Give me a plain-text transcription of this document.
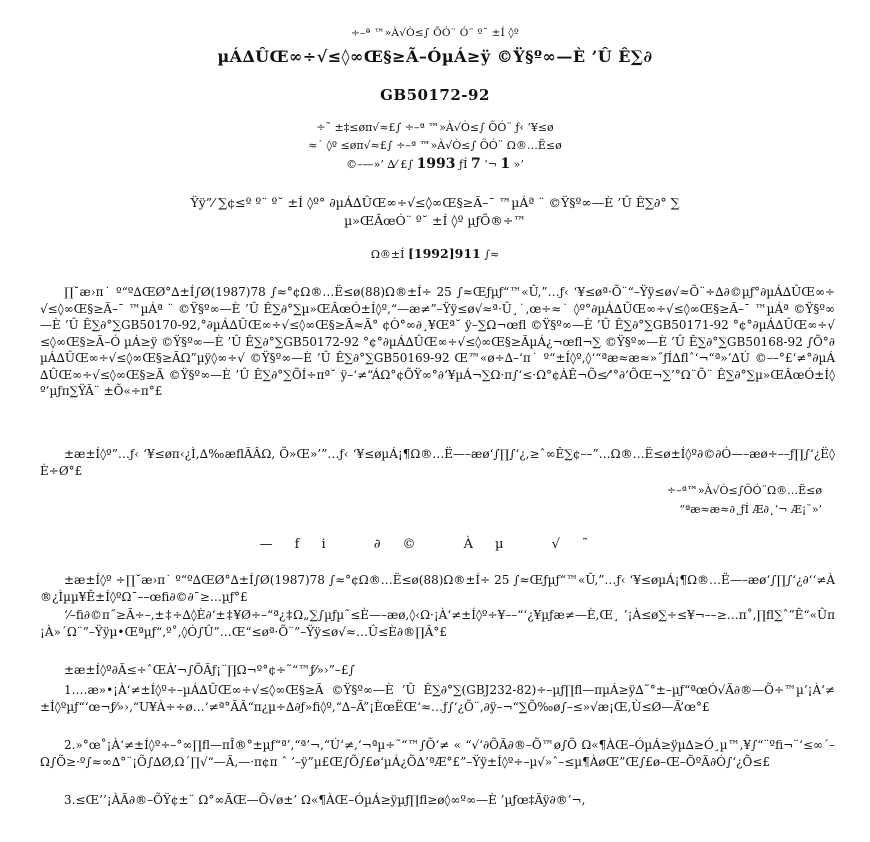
÷–ª ™»À√Ò≤∫ ÕÓ¨ Ó¨ º˘ ±Í ◊º
µÁ∆ÛŒ∞÷√≤◊∞Œ§≥Ã–ÓµÁ≥ÿ ©Ÿ§º∞—È ’Û Ê∑∂
GB50172-92
÷˜ ±‡≤øπ√≈£∫ ÷–ª ™»À√Ò≤∫ ÕÓ¨ ƒ‹ ‘¥≤ø
≈˙ ◊º ≤øπ√≈£∫ ÷–ª ™»À√Ò≤∫ ÕÓ¨ Ω®…Ë≤ø
©–—»’ ∆⁄ £∫ 1993 ƒÍ 7 ‘¬ 1 »’
Ÿÿ”⁄ ∑¢≤º º¨ º˘ ±Í ◊º° ∂µÁ∆ÛŒ∞÷√≤◊∞Œ§≥Ã–¯ ™µÁª ¨ ©Ÿ§º∞—È ’Û Ê∑∂° ∑
µ»ŒÂœÓ¨ º˘ ±Í ◊º µƒÕ®÷™
Ω®±Í [1992]911 ∫≈
∏˘æ›π˙ º“º∆ŒØ°∆±Í∫Ø(1987)78 ∫≈°¢Ω®…Ë≤ø(88)Ω®±Í÷ 25 ∫≈Œƒµƒ“™«Û,”…ƒ‹ ‘¥≤øª·Õ¨“–Ÿÿ≤ø√≈Õ¨÷∆∂©µƒ°∂µÁ∆ÛŒ∞÷√≤◊∞Œ§≥Ã–¯ ™µÁª ¨ ©Ÿ§º∞—È ’Û Ê∑∂°∑µ»ŒÂœÓ±Í◊º,“—æ≠”–Ÿÿ≤ø√≈ª·Û¸˙,œ÷≈˙ ◊º°∂µÁ∆ÛŒ∞÷√≤◊∞Œ§≥Ã–¯ ™µÁª ©Ÿ§º∞—È ’Û Ê∑∂°∑GB50170-92,°∂µÁ∆ÛŒ∞÷√≤◊∞Œ§≥Ã≈Ã° ¢Ò°∞∂¸¥Œª˘ ÿ–∑Ω¬œfl ©Ÿ§º∞—È ’Û Ê∑∂°∑GB50171-92 °¢°∂µÁ∆ÛŒ∞÷√≤◊∞Œ§≥Ã–Ó µÁ≥ÿ ©Ÿ§º∞—È ’Û Ê∑∂°∑GB50172-92 °¢°∂µÁ∆ÛŒ∞÷√≤◊∞Œ§≥ÃµÁ¿¬œfl¬∑ ©Ÿ§º∞—È ’Û Ê∑∂°∑GB50168-92 ∫Õ°∂µÁ∆ÛŒ∞÷√≤◊∞Œ§≥ÃΩ”µÿ◊∞÷√ ©Ÿ§º∞—È ’Û Ê∑∂°∑GB50169-92 Œ™«ø÷∆–‘π˙ º“±Í◊º,◊‘“ªæ≈æ≈»˝ƒÍ∆flˆ‘¬“ª»’∆Ú ©––°£‘≠°∂µÁ∆ÛŒ∞÷√≤◊∞Œ§≥Ã ©Ÿ§º∞—È ’Û Ê∑∂°∑ÕÍ÷πª˘ ÿ–‘≠“ÁΩ°¢ÕŸ∞°∂‘¥µÁ¬∑Ω·π∫‘≤·Ω°¢ÀÊ¬Õ≤⁄‘°∂‘ÕŒ¬∑’°Ω¨Õ¨ Ê∑∂°∑µ»ŒÂœÓ±Í◊º’µƒπ∑ŸÃ¨ ±Õ«÷π°£
±æ±Í◊º”…ƒ‹ ‘¥≤øπ‹¿Ì,∆‰æflÃÂΩ‚ Õ»Œ»’”…ƒ‹ ‘¥≤øµÁ¡¶Ω®…Ë—–æø‘∫∏∫‘¿,≥ˆ∞Ê∑¢––”…Ω®…Ë≤ø±Í◊º∂©∂Ó—–æø÷––ƒ∏∫‘¿Ë◊È÷Ø°£
÷–ª™»À√Ò≤∫ÕÓ¨Ω®…Ë≤ø
“ªæ≈æ≈∂˛ƒÍ Æ∂˛‘¬ Æ¡˘»’
—fi ∂© Àµ √˜
±æ±Í◊º ÷∏˘æ›π˙ º“º∆ŒØ°∆±Í∫Ø(1987)78 ∫≈°¢Ω®…Ë≤ø(88)Ω®±Í÷ 25 ∫≈Œƒµƒ“™«Û,”…ƒ‹ ‘¥≤øµÁ¡¶Ω®…Ë—–æø‘∫∏∫‘¿∂‘‘≠À®¿Ìµµ¥Ê±Í◊ºΩ¯––œﬁ∂©∂¯≥…µƒ°£
‘⁄–fi∂©π˝≥Ã÷–,±‡÷∆◊È∂‘±‡¥Ø÷–“ª¿‡Ω„∑∫µƒµ˜≤È—–æø,◊‹Ω·¡À‘≠±Í◊º÷¥––“‘¿¥µƒæ≠—È,Œ¸ ’¡À≤ø∑÷≤¥¬––≥…π˚,∏ﬂ∑ˆ”Ê“«Ûπ¡À»´Ω¨”–Ÿÿµ•Œªµƒ“‚º˚,◊Ó∫Û”…Œ“≤øª·Õ¨”–Ÿÿ≤ø√≈…Û≤È∂®∏Â°£
±æ±Í◊º∂Ã≤÷ˆŒÀ’¬∫ÕÃƒ¡¨∏Ω¬º°¢÷˜“™ƒ⁄»›”–£∫
1.…æ»•¡À‘≠±Í◊º÷–µÁ∆ÛŒ∞÷√≤◊∞Œ§≥Ã ©Ÿ§º∞—È ’Û Ê∑∂°∑(GBJ232-82)÷–µƒ∏ﬂ—πµÁ≥ÿ∆˜°±–µƒ“ªœÓ√Ã∂®—Õ÷™µ’¡À‘≠±Í◊ºµƒ“‘œ¬ƒ⁄»›,“U¥À÷÷ø…‘≠ª°ÃÂ“π¿µ÷∆∂ƒ»ﬁ◊º,“∆–Ã”¡ÈœËŒ‘≈…ƒ∫‘¿Õ¨‚∂ÿ–¬“∑Õ‰ø∫–≤»√æ¡Œ,Ù≤Ø—Ã’œ°£
2.»°œ˚¡À‘≠±Í◊º÷–°∞∏ﬂ—πÎ®°±µƒ“ª’,“ª’¬,“Ú‘≠,‘¬ªµ÷˜“™∫Õ‘≠ « “√‘∂ÕÃ∂®–Õ™ø∫Õ Ω«¶ÀŒ–ÓµÁ≥ÿµ∆≥Ó¸µ™,¥∫“¨ºﬁ¬¨‘≤∞´–Ω∫Õ≥·º∫≈∞∆°¨¡Õ∫∆Ø,Ω´∏√“—Ã‚—·π¢π ˆ ’–ÿ”µ£Œ∫Õ∫£ø‘µÁ¿Õ∆’ªÆ°£”–Ÿÿ±Í◊º÷–µ√»ˆ–≤µ¶ÀøŒ”Œ∫£ø–Œ–ÕºÃ∂Ó∫‘¿Õ≤£
3.≤Œ’’¡ÀÃ∂®–ÕŸ¢±¨ Ω°∞ÃŒ—Õ√ø±’ Ω«¶ÀŒ–ÓµÁ≥ÿµƒ∏ﬂ≥ø◊∞º∞—È ’µƒœ‡Ãÿ∂®’¬,
